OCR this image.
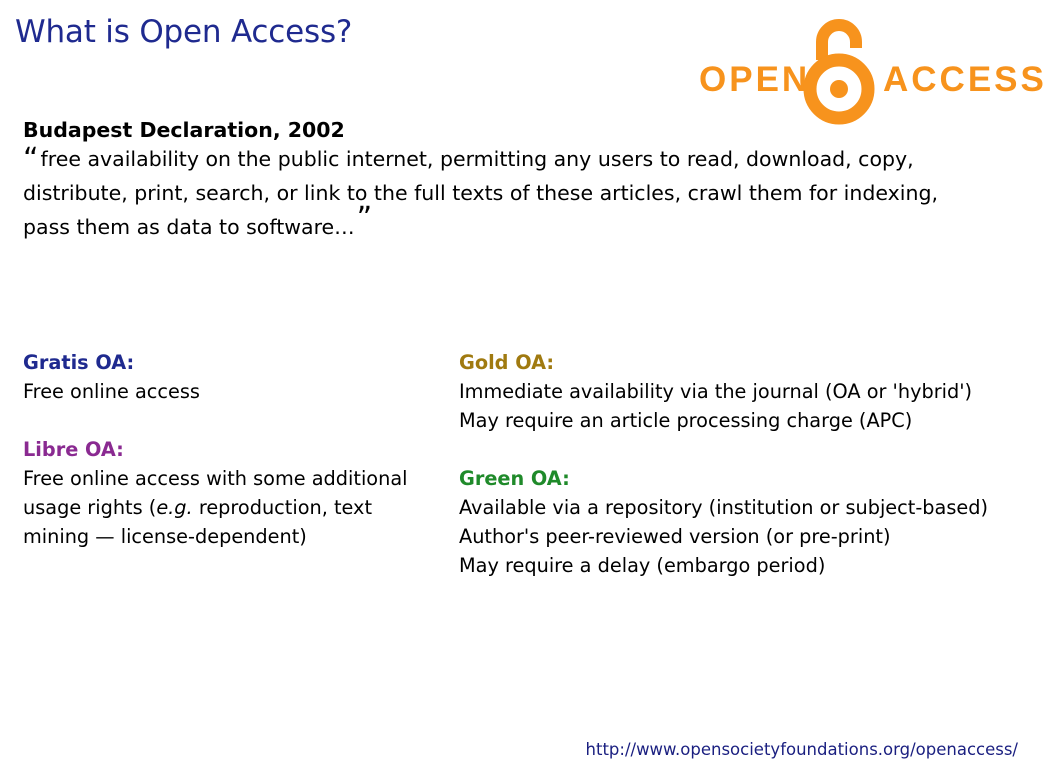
What is Open Access?
OPEN ACCESS
Budapest Declaration, 2002
“free availability on the public internet, permitting any users to read, download, copy, distribute, print, search, or link to the full texts of these articles, crawl them for indexing, pass them as data to software…”
Gratis OA:
Free online access
Libre OA:
Free online access with some additional
usage rights (e.g. reproduction, text
mining — license-dependent)
Gold OA:
Immediate availability via the journal (OA or 'hybrid')
May require an article processing charge (APC)
Green OA:
Available via a repository (institution or subject-based)
Author's peer-reviewed version (or pre-print)
May require a delay (embargo period)
http://www.opensocietyfoundations.org/openaccess/
